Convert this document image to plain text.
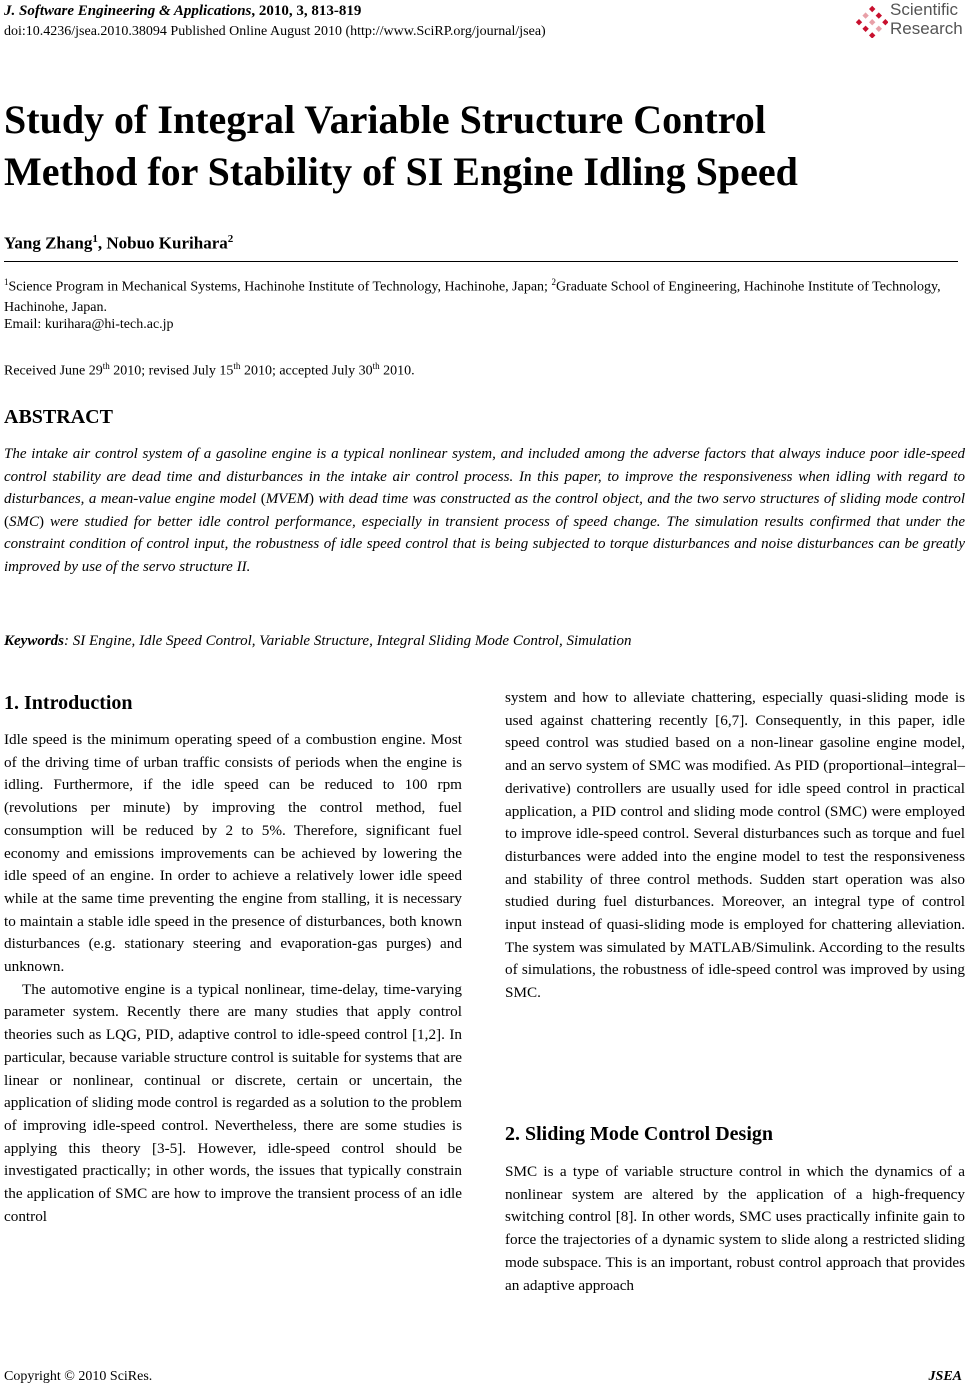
J. Software Engineering & Applications, 2010, 3, 813-819
doi:10.4236/jsea.2010.38094 Published Online August 2010 (http://www.SciRP.org/journal/jsea)
Scientific
Research
Study of Integral Variable Structure Control
Method for Stability of SI Engine Idling Speed
Yang Zhang$^1$, Nobuo Kurihara$^2$
$^1$Science Program in Mechanical Systems, Hachinohe Institute of Technology, Hachinohe, Japan; $^2$Graduate School of Engineering, Hachinohe Institute of Technology, Hachinohe, Japan.
Email: kurihara@hi-tech.ac.jp
Received June 29th 2010; revised July 15th 2010; accepted July 30th 2010.
ABSTRACT

The intake air control system of a gasoline engine is a typical nonlinear system, and included among the adverse factors that always induce poor idle-speed control stability are dead time and disturbances in the intake air control process. In this paper, to improve the responsiveness when idling with regard to disturbances, a mean-value engine model (MVEM) with dead time was constructed as the control object, and the two servo structures of sliding mode control (SMC) were studied for better idle control performance, especially in transient process of speed change. The simulation results confirmed that under the constraint condition of control input, the robustness of idle speed control that is being subjected to torque disturbances and noise disturbances can be greatly improved by use of the servo structure II.

Keywords: SI Engine, Idle Speed Control, Variable Structure, Integral Sliding Mode Control, Simulation
1. Introduction

Idle speed is the minimum operating speed of a combustion engine. Most of the driving time of urban traffic consists of periods when the engine is idling. Furthermore, if the idle speed can be reduced to 100 rpm (revolutions per minute) by improving the control method, fuel consumption will be reduced by 2 to 5%. Therefore, significant fuel economy and emissions improvements can be achieved by lowering the idle speed of an engine. In order to achieve a relatively lower idle speed while at the same time preventing the engine from stalling, it is necessary to maintain a stable idle speed in the presence of disturbances, both known disturbances (e.g. stationary steering and evaporation-gas purges) and unknown.

The automotive engine is a typical nonlinear, time-delay, time-varying parameter system. Recently there are many studies that apply control theories such as LQG, PID, adaptive control to idle-speed control [1,2]. In particular, because variable structure control is suitable for systems that are linear or nonlinear, continual or discrete, certain or uncertain, the application of sliding mode control is regarded as a solution to the problem of improving idle-speed control. Nevertheless, there are some studies is applying this theory [3-5]. However, idle-speed control should be investigated practically; in other words, the issues that typically constrain the application of SMC are how to improve the transient process of an idle control

system and how to alleviate chattering, especially quasi-sliding mode is used against chattering recently [6,7]. Consequently, in this paper, idle speed control was studied based on a non-linear gasoline engine model, and an servo system of SMC was modified. As PID (proportional–integral–derivative) controllers are usually used for idle speed control in practical application, a PID control and sliding mode control (SMC) were employed to improve idle-speed control. Several disturbances such as torque and fuel disturbances were added into the engine model to test the responsiveness and stability of three control methods. Sudden start operation was also studied during fuel disturbances. Moreover, an integral type of control input instead of quasi-sliding mode is employed for chattering alleviation. The system was simulated by MATLAB/Simulink. According to the results of simulations, the robustness of idle-speed control was improved by using SMC.

2. Sliding Mode Control Design

SMC is a type of variable structure control in which the dynamics of a nonlinear system are altered by the application of a high-frequency switching control [8]. In other words, SMC uses practically infinite gain to force the trajectories of a dynamic system to slide along a restricted sliding mode subspace. This is an important, robust control approach that provides an adaptive approach

Copyright © 2010 SciRes.	JSEA
